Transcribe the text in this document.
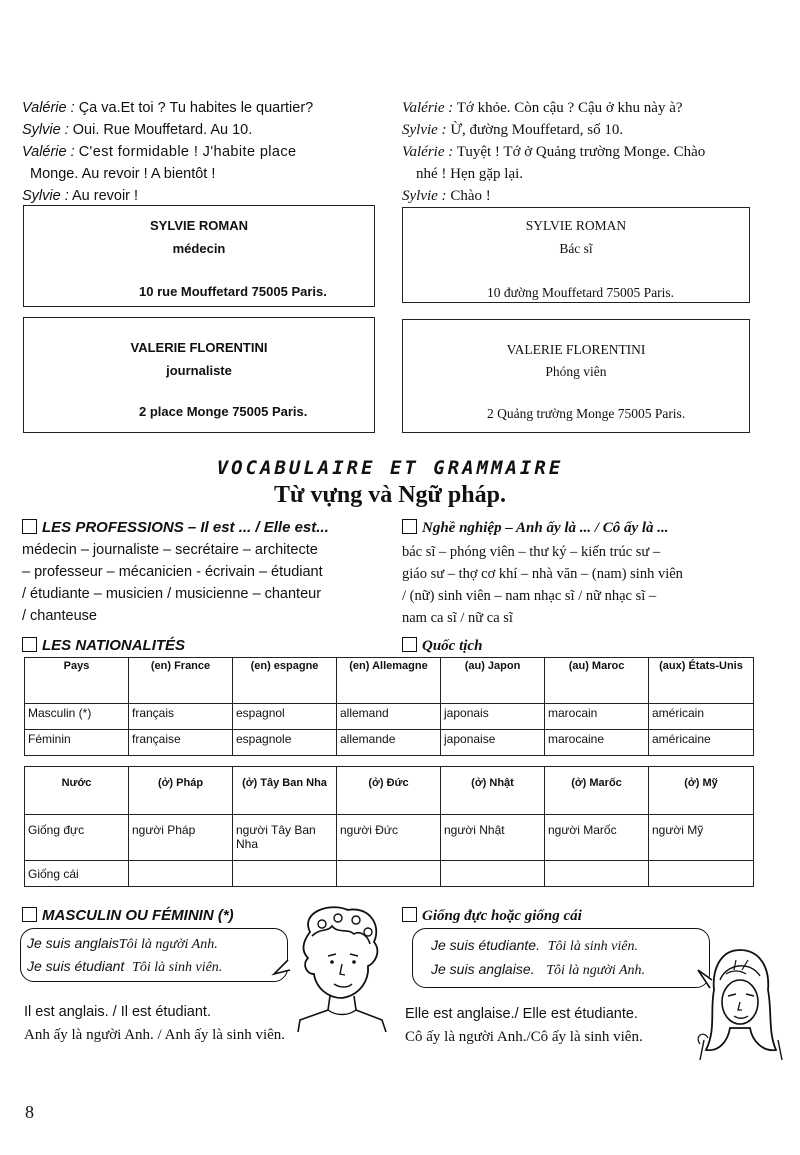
Valérie : Ça va.Et toi ? Tu habites le quartier?
Sylvie : Oui. Rue Mouffetard. Au 10.
Valérie : C'est formidable ! J'habite place
Monge. Au revoir ! A bientôt !
Sylvie : Au revoir !
Valérie : Tớ khỏe. Còn cậu ? Cậu ở khu này à?
Sylvie : Ừ, đường Mouffetard, số 10.
Valérie : Tuyệt ! Tớ ở Quảng trường Monge. Chào
nhé ! Hẹn gặp lại.
Sylvie : Chào !
SYLVIE ROMAN
médecin
10 rue Mouffetard 75005 Paris.
VALERIE FLORENTINI
journaliste
2 place Monge 75005 Paris.
SYLVIE ROMAN
Bác sĩ
10 đường Mouffetard 75005 Paris.
VALERIE FLORENTINI
Phóng viên
2 Quảng trường Monge 75005 Paris.
VOCABULAIRE ET GRAMMAIRE
Từ vựng và Ngữ pháp.
LES PROFESSIONS – Il est ... / Elle est...	Nghề nghiệp – Anh ấy là ... / Cô ấy là ...
médecin – journaliste – secrétaire – architecte
– professeur – mécanicien - écrivain – étudiant
/ étudiante – musicien / musicienne – chanteur
/ chanteuse
bác sĩ – phóng viên – thư ký – kiến trúc sư –
giáo sư – thợ cơ khí – nhà văn – (nam) sinh viên
/ (nữ) sinh viên – nam nhạc sĩ / nữ nhạc sĩ –
nam ca sĩ / nữ ca sĩ
LES NATIONALITÉS	Quốc tịch
Pays	(en) France	(en) espagne	(en) Allemagne	(au) Japon	(au) Maroc	(aux) États-Unis
Masculin (*)	français	espagnol	allemand	japonais	marocain	américain
Féminin	française	espagnole	allemande	japonaise	marocaine	américaine
Nước	(ở) Pháp	(ở) Tây Ban Nha	(ở) Đức	(ở) Nhật	(ở) Marốc	(ở) Mỹ
Giống đực	người Pháp	người Tây Ban Nha	người Đức	người Nhật	người Marốc	người Mỹ
Giống cái						
MASCULIN OU FÉMININ (*)	Giống đực hoặc giống cái
Je suis anglaisTôi là người Anh.
Je suis étudiant Tôi là sinh viên.
Il est anglais. / Il est étudiant.
Anh ấy là người Anh. / Anh ấy là sinh viên.
Je suis étudiante. Tôi là sinh viên.
Je suis anglaise. Tôi là người Anh.
Elle est anglaise./ Elle est étudiante.
Cô ấy là người Anh./Cô ấy là sinh viên.
8
